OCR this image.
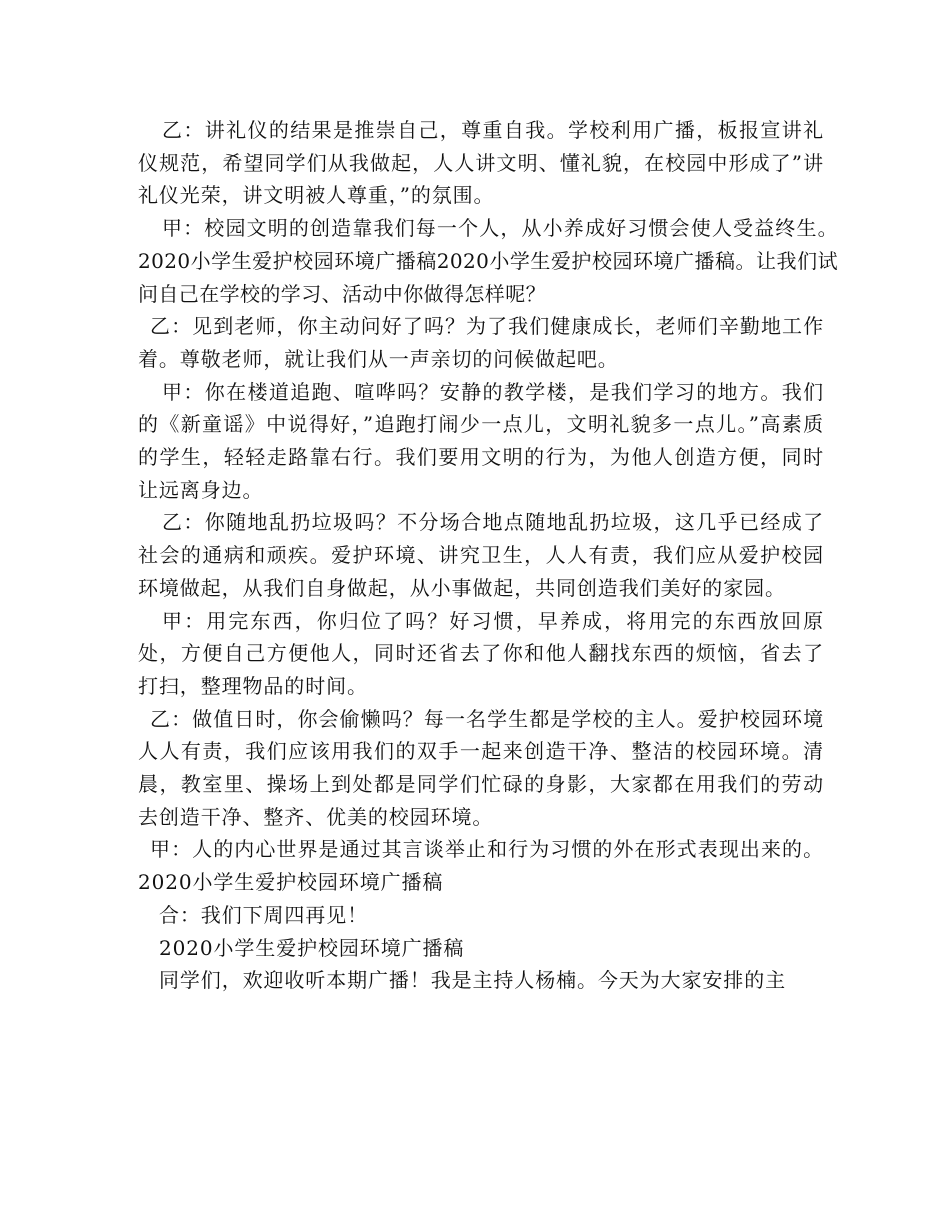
乙：讲礼仪的结果是推崇自己，尊重自我。学校利用广播，板报宣讲礼仪规范，希望同学们从我做起，人人讲文明、懂礼貌，在校园中形成了”讲礼仪光荣，讲文明被人尊重，”的氛围。

甲：校园文明的创造靠我们每一个人，从小养成好习惯会使人受益终生。2020小学生爱护校园环境广播稿2020小学生爱护校园环境广播稿。让我们试问自己在学校的学习、活动中你做得怎样呢？

乙：见到老师，你主动问好了吗？为了我们健康成长，老师们辛勤地工作着。尊敬老师，就让我们从一声亲切的问候做起吧。

甲：你在楼道追跑、喧哗吗？安静的教学楼，是我们学习的地方。我们的《新童谣》中说得好，”追跑打闹少一点儿，文明礼貌多一点儿。”高素质的学生，轻轻走路靠右行。我们要用文明的行为，为他人创造方便，同时让远离身边。

乙：你随地乱扔垃圾吗？不分场合地点随地乱扔垃圾，这几乎已经成了社会的通病和顽疾。爱护环境、讲究卫生，人人有责，我们应从爱护校园环境做起，从我们自身做起，从小事做起，共同创造我们美好的家园。

甲：用完东西，你归位了吗？好习惯，早养成，将用完的东西放回原处，方便自己方便他人，同时还省去了你和他人翻找东西的烦恼，省去了打扫，整理物品的时间。

乙：做值日时，你会偷懒吗？每一名学生都是学校的主人。爱护校园环境人人有责，我们应该用我们的双手一起来创造干净、整洁的校园环境。清晨，教室里、操场上到处都是同学们忙碌的身影，大家都在用我们的劳动去创造干净、整齐、优美的校园环境。

甲：人的内心世界是通过其言谈举止和行为习惯的外在形式表现出来的。2020小学生爱护校园环境广播稿

合：我们下周四再见！

2020小学生爱护校园环境广播稿

同学们，欢迎收听本期广播！我是主持人杨楠。今天为大家安排的主
